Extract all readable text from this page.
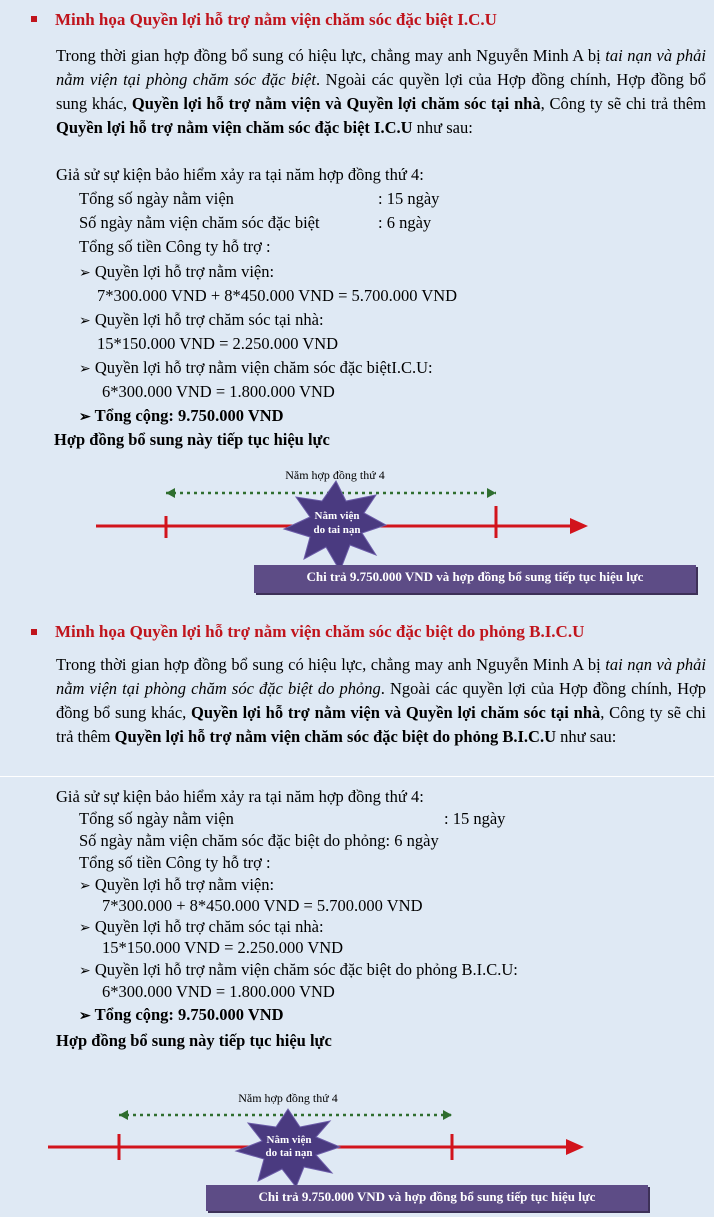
Minh họa Quyền lợi hỗ trợ nằm viện chăm sóc đặc biệt I.C.U
Trong thời gian hợp đồng bổ sung có hiệu lực, chẳng may anh Nguyễn Minh A bị tai nạn và phải nằm viện tại phòng chăm sóc đặc biệt. Ngoài các quyền lợi của Hợp đồng chính, Hợp đồng bổ sung khác, Quyền lợi hỗ trợ nằm viện và Quyền lợi chăm sóc tại nhà, Công ty sẽ chi trả thêm Quyền lợi hỗ trợ nằm viện chăm sóc đặc biệt I.C.U như sau:
Giả sử sự kiện bảo hiểm xảy ra tại năm hợp đồng thứ 4:
Tổng số ngày nằm viện	: 15 ngày
Số ngày nằm viện chăm sóc đặc biệt	: 6 ngày
Tổng số tiền Công ty hỗ trợ :
➢ Quyền lợi hỗ trợ nằm viện:
7*300.000 VND + 8*450.000 VND = 5.700.000 VND
➢ Quyền lợi hỗ trợ chăm sóc tại nhà:
15*150.000 VND = 2.250.000 VND
➢ Quyền lợi hỗ trợ nằm viện chăm sóc đặc biệtI.C.U:
6*300.000 VND = 1.800.000 VND
➢ Tổng cộng: 9.750.000 VND
Hợp đồng bổ sung này tiếp tục hiệu lực
Năm hợp đồng thứ 4
Nằm viện
do tai nạn
Chi trả 9.750.000 VND và hợp đồng bổ sung tiếp tục hiệu lực
Minh họa Quyền lợi hỗ trợ nằm viện chăm sóc đặc biệt do phỏng B.I.C.U
Trong thời gian hợp đồng bổ sung có hiệu lực, chẳng may anh Nguyễn Minh A bị tai nạn và phải nằm viện tại phòng chăm sóc đặc biệt do phỏng. Ngoài các quyền lợi của Hợp đồng chính, Hợp đồng bổ sung khác, Quyền lợi hỗ trợ nằm viện và Quyền lợi chăm sóc tại nhà, Công ty sẽ chi trả thêm Quyền lợi hỗ trợ nằm viện chăm sóc đặc biệt do phỏng B.I.C.U như sau:
Giả sử sự kiện bảo hiểm xảy ra tại năm hợp đồng thứ 4:
Tổng số ngày nằm viện	: 15 ngày
Số ngày nằm viện chăm sóc đặc biệt do phỏng: 6 ngày
Tổng số tiền Công ty hỗ trợ :
➢ Quyền lợi hỗ trợ nằm viện:
7*300.000 + 8*450.000 VND = 5.700.000 VND
➢ Quyền lợi hỗ trợ chăm sóc tại nhà:
15*150.000 VND = 2.250.000 VND
➢ Quyền lợi hỗ trợ nằm viện chăm sóc đặc biệt do phỏng B.I.C.U:
6*300.000 VND = 1.800.000 VND
➢ Tổng cộng: 9.750.000 VND
Hợp đồng bổ sung này tiếp tục hiệu lực
Năm hợp đồng thứ 4
Nằm viện
do tai nạn
Chi trả 9.750.000 VND và hợp đồng bổ sung tiếp tục hiệu lực
